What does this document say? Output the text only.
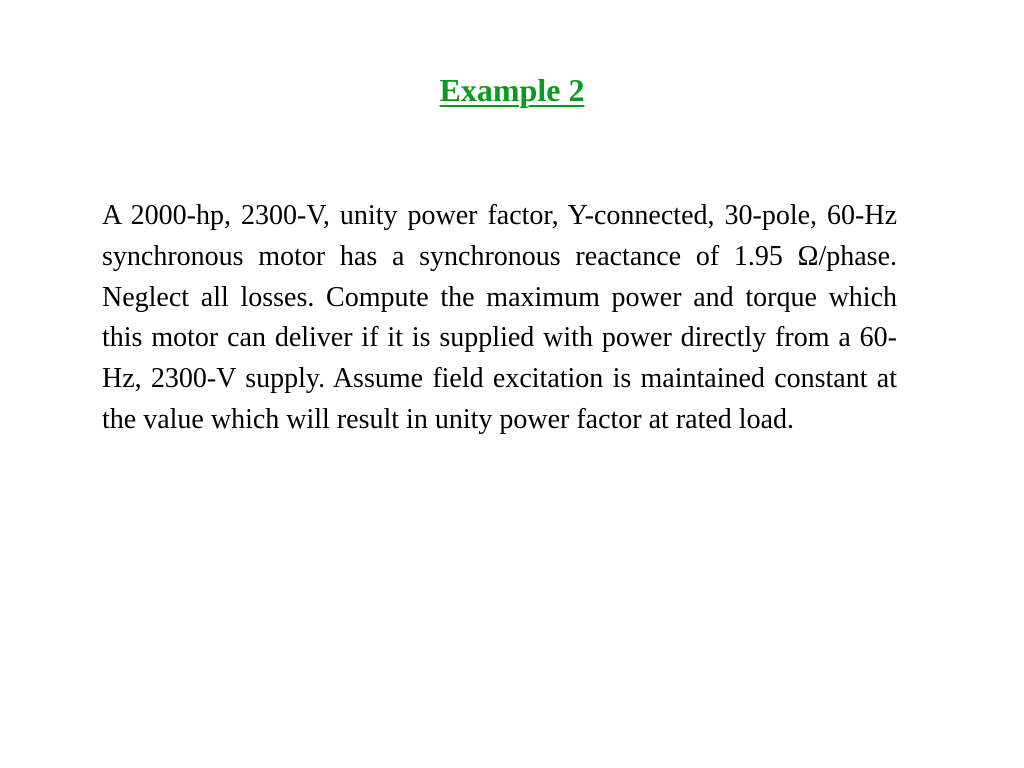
Example 2

A 2000-hp, 2300-V, unity power factor, Y-connected, 30-pole, 60-Hz synchronous motor has a synchronous reactance of 1.95 Ω/phase. Neglect all losses. Compute the maximum power and torque which this motor can deliver if it is supplied with power directly from a 60-Hz, 2300-V supply. Assume field excitation is maintained constant at the value which will result in unity power factor at rated load.
